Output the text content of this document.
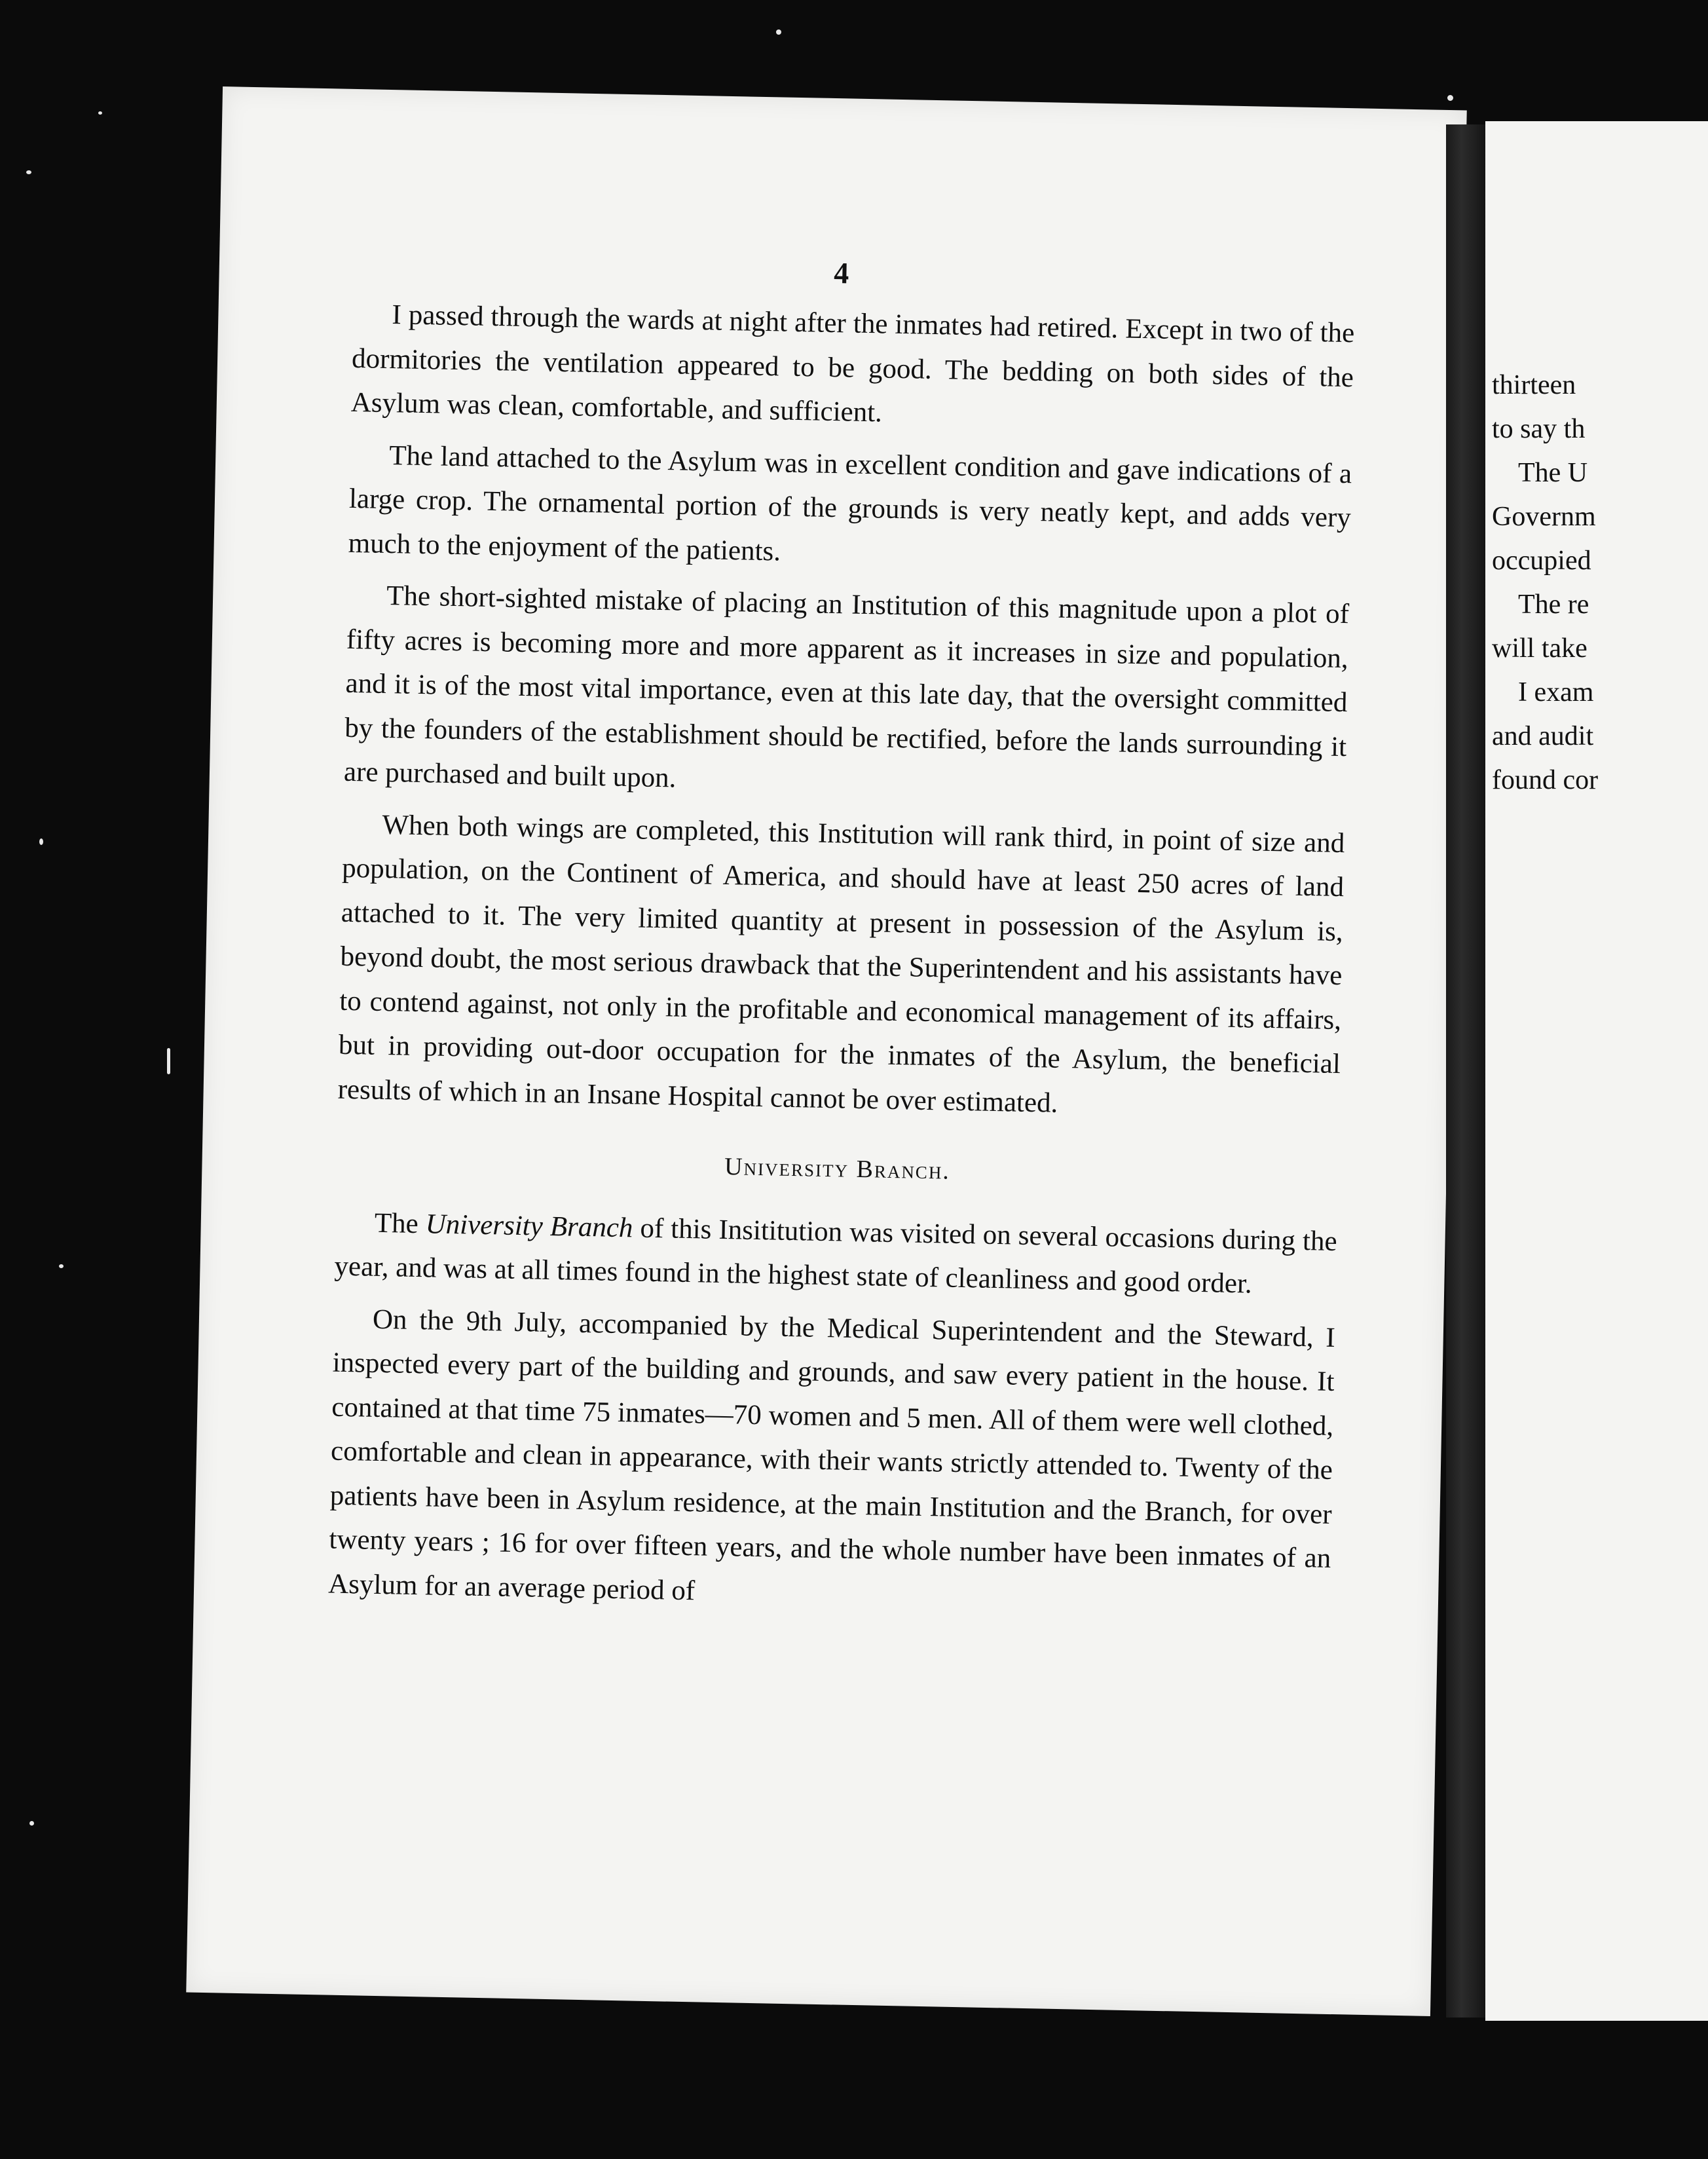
4

I passed through the wards at night after the inmates had retired. Except in two of the dormitories the ventilation appeared to be good. The bedding on both sides of the Asylum was clean, comfortable, and sufficient.

The land attached to the Asylum was in excellent condition and gave indications of a large crop. The ornamental portion of the grounds is very neatly kept, and adds very much to the enjoyment of the patients.

The short-sighted mistake of placing an Institution of this magnitude upon a plot of fifty acres is becoming more and more apparent as it increases in size and population, and it is of the most vital importance, even at this late day, that the oversight committed by the founders of the establishment should be rectified, before the lands surrounding it are purchased and built upon.

When both wings are completed, this Institution will rank third, in point of size and population, on the Continent of America, and should have at least 250 acres of land attached to it. The very limited quantity at present in possession of the Asylum is, beyond doubt, the most serious drawback that the Superintendent and his assistants have to contend against, not only in the profitable and economical management of its affairs, but in providing out-door occupation for the inmates of the Asylum, the beneficial results of which in an Insane Hospital cannot be over estimated.

University Branch.

The University Branch of this Insititution was visited on several occasions during the year, and was at all times found in the highest state of cleanliness and good order.

On the 9th July, accompanied by the Medical Superintendent and the Steward, I inspected every part of the building and grounds, and saw every patient in the house. It contained at that time 75 inmates—70 women and 5 men. All of them were well clothed, comfortable and clean in appearance, with their wants strictly attended to. Twenty of the patients have been in Asylum residence, at the main Institution and the Branch, for over twenty years ; 16 for over fifteen years, and the whole number have been inmates of an Asylum for an average period of

thirteen
to say th
The U
Governm
occupied
The re
will take
I exam
and audit
found cor
